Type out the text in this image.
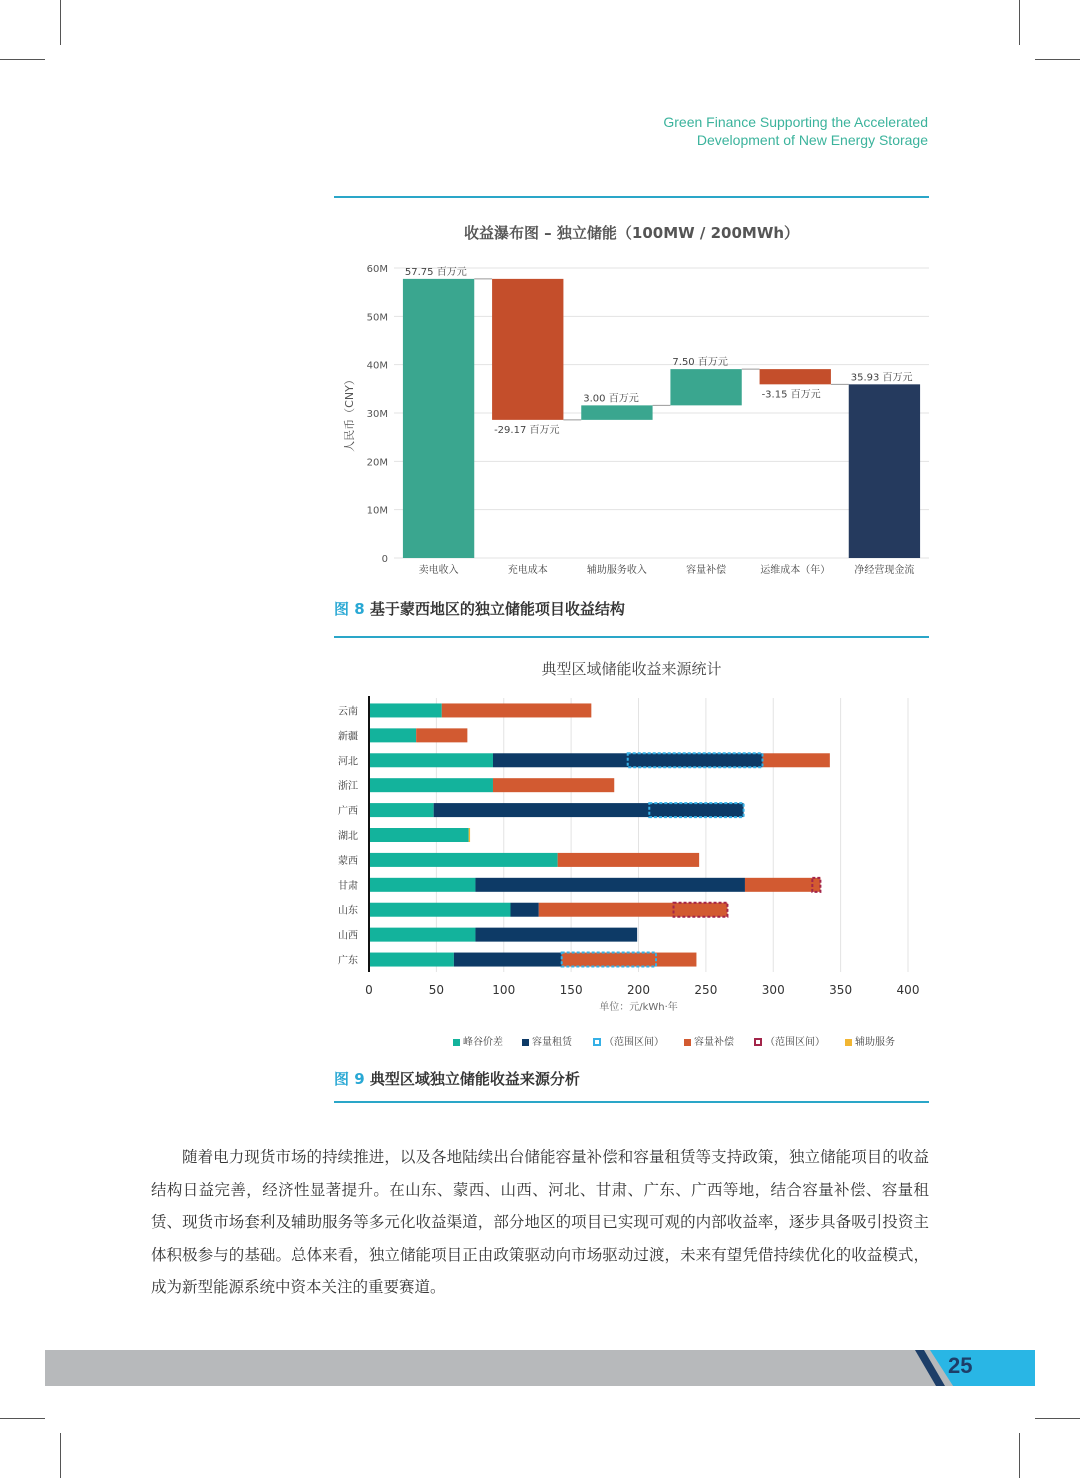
Green Finance Supporting the Accelerated
Development of New Energy Storage
收益瀑布图 – 独立储能（100MW / 200MWh）
0
10M
20M
30M
40M
50M
60M
人民币（CNY）
57.75 百万元
卖电收入
-29.17 百万元
充电成本
3.00 百万元
辅助服务收入
7.50 百万元
容量补偿
-3.15 百万元
运维成本（年）
35.93 百万元
净经营现金流
图 8 基于蒙西地区的独立储能项目收益结构
典型区域储能收益来源统计
0	50	100	150	200	250	300	350	400
单位：元/kWh·年
云南
新疆
河北
浙江
广西
湖北
蒙西
甘肃
山东
山西
广东
峰谷价差	容量租赁	（范围区间）	容量补偿	（范围区间）	辅助服务
图 9 典型区域独立储能收益来源分析
随着电力现货市场的持续推进，以及各地陆续出台储能容量补偿和容量租赁等支持政策，独立储能项目的收益结构日益完善，经济性显著提升。在山东、蒙西、山西、河北、甘肃、广东、广西等地，结合容量补偿、容量租赁、现货市场套利及辅助服务等多元化收益渠道，部分地区的项目已实现可观的内部收益率，逐步具备吸引投资主体积极参与的基础。总体来看，独立储能项目正由政策驱动向市场驱动过渡，未来有望凭借持续优化的收益模式，成为新型能源系统中资本关注的重要赛道。
25
